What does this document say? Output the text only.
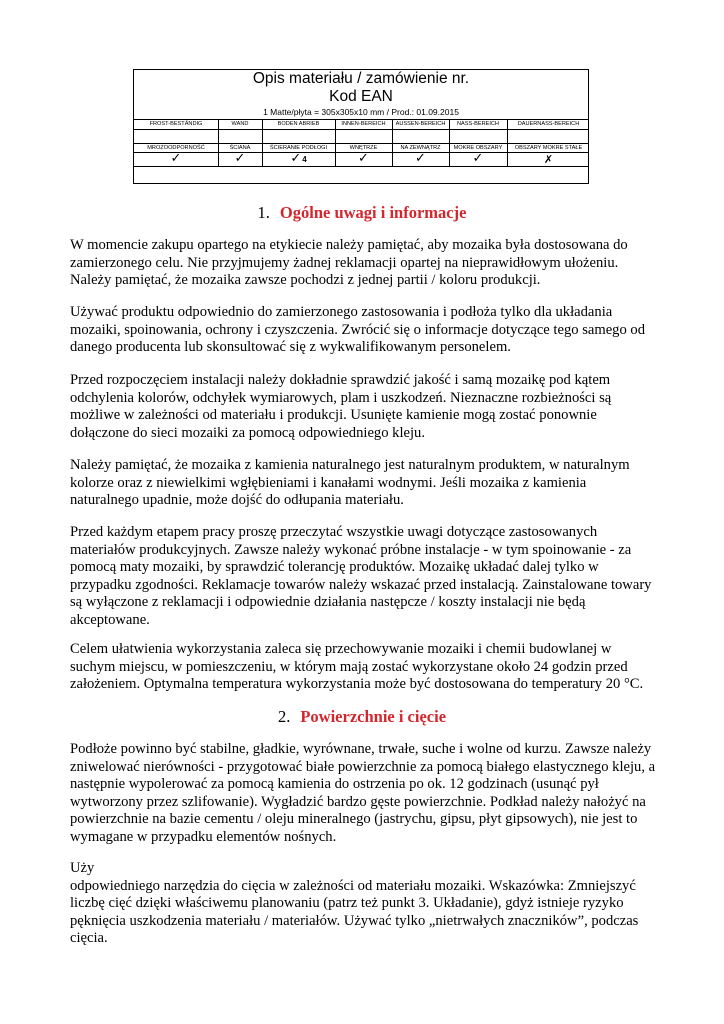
Opis materiału / zamówienie nr.
Kod EAN
1 Matte/płyta = 305x305x10 mm / Prod.: 01.09.2015
FROST-BESTÄNDIG	WAND	BODEN ABRIEB	INNEN-BEREICH	AUSSEN-BEREICH	NASS-BEREICH	DAUERNASS-BEREICH
MROZOODPORNOŚĆ	ŚCIANA	ŚCIERANIE PODŁOGI	WNĘTRZE	NA ZEWNĄTRZ	MOKRE OBSZARY	OBSZARY MOKRE STAŁE
✓	✓	✓4	✓	✓	✓	✗
1. Ogólne uwagi i informacje
W momencie zakupu opartego na etykiecie należy pamiętać, aby mozaika była dostosowana do
zamierzonego celu. Nie przyjmujemy żadnej reklamacji opartej na nieprawidłowym ułożeniu.
Należy pamiętać, że mozaika zawsze pochodzi z jednej partii / koloru produkcji.
Używać produktu odpowiednio do zamierzonego zastosowania i podłoża tylko dla układania
mozaiki, spoinowania, ochrony i czyszczenia. Zwrócić się o informacje dotyczące tego samego od
danego producenta lub skonsultować się z wykwalifikowanym personelem.
Przed rozpoczęciem instalacji należy dokładnie sprawdzić jakość i samą mozaikę pod kątem
odchylenia kolorów, odchyłek wymiarowych, plam i uszkodzeń. Nieznaczne rozbieżności są
możliwe w zależności od materiału i produkcji. Usunięte kamienie mogą zostać ponownie
dołączone do sieci mozaiki za pomocą odpowiedniego kleju.
Należy pamiętać, że mozaika z kamienia naturalnego jest naturalnym produktem, w naturalnym
kolorze oraz z niewielkimi wgłębieniami i kanałami wodnymi. Jeśli mozaika z kamienia
naturalnego upadnie, może dojść do odłupania materiału.
Przed każdym etapem pracy proszę przeczytać wszystkie uwagi dotyczące zastosowanych
materiałów produkcyjnych. Zawsze należy wykonać próbne instalacje - w tym spoinowanie - za
pomocą maty mozaiki, by sprawdzić tolerancję produktów. Mozaikę układać dalej tylko w
przypadku zgodności. Reklamacje towarów należy wskazać przed instalacją. Zainstalowane towary
są wyłączone z reklamacji i odpowiednie działania następcze / koszty instalacji nie będą
akceptowane.
Celem ułatwienia wykorzystania zaleca się przechowywanie mozaiki i chemii budowlanej w
suchym miejscu, w pomieszczeniu, w którym mają zostać wykorzystane około 24 godzin przed
założeniem. Optymalna temperatura wykorzystania może być dostosowana do temperatury 20 °C.
2. Powierzchnie i cięcie
Podłoże powinno być stabilne, gładkie, wyrównane, trwałe, suche i wolne od kurzu. Zawsze należy
zniwelować nierówności - przygotować białe powierzchnie za pomocą białego elastycznego kleju, a
następnie wypolerować za pomocą kamienia do ostrzenia po ok. 12 godzinach (usunąć pył
wytworzony przez szlifowanie). Wygładzić bardzo gęste powierzchnie. Podkład należy nałożyć na
powierzchnie na bazie cementu / oleju mineralnego (jastrychu, gipsu, płyt gipsowych), nie jest to
wymagane w przypadku elementów nośnych.
Uży
odpowiedniego narzędzia do cięcia w zależności od materiału mozaiki. Wskazówka: Zmniejszyć
liczbę cięć dzięki właściwemu planowaniu (patrz też punkt 3. Układanie), gdyż istnieje ryzyko
pęknięcia uszkodzenia materiału / materiałów. Używać tylko „nietrwałych znaczników”, podczas
cięcia.
